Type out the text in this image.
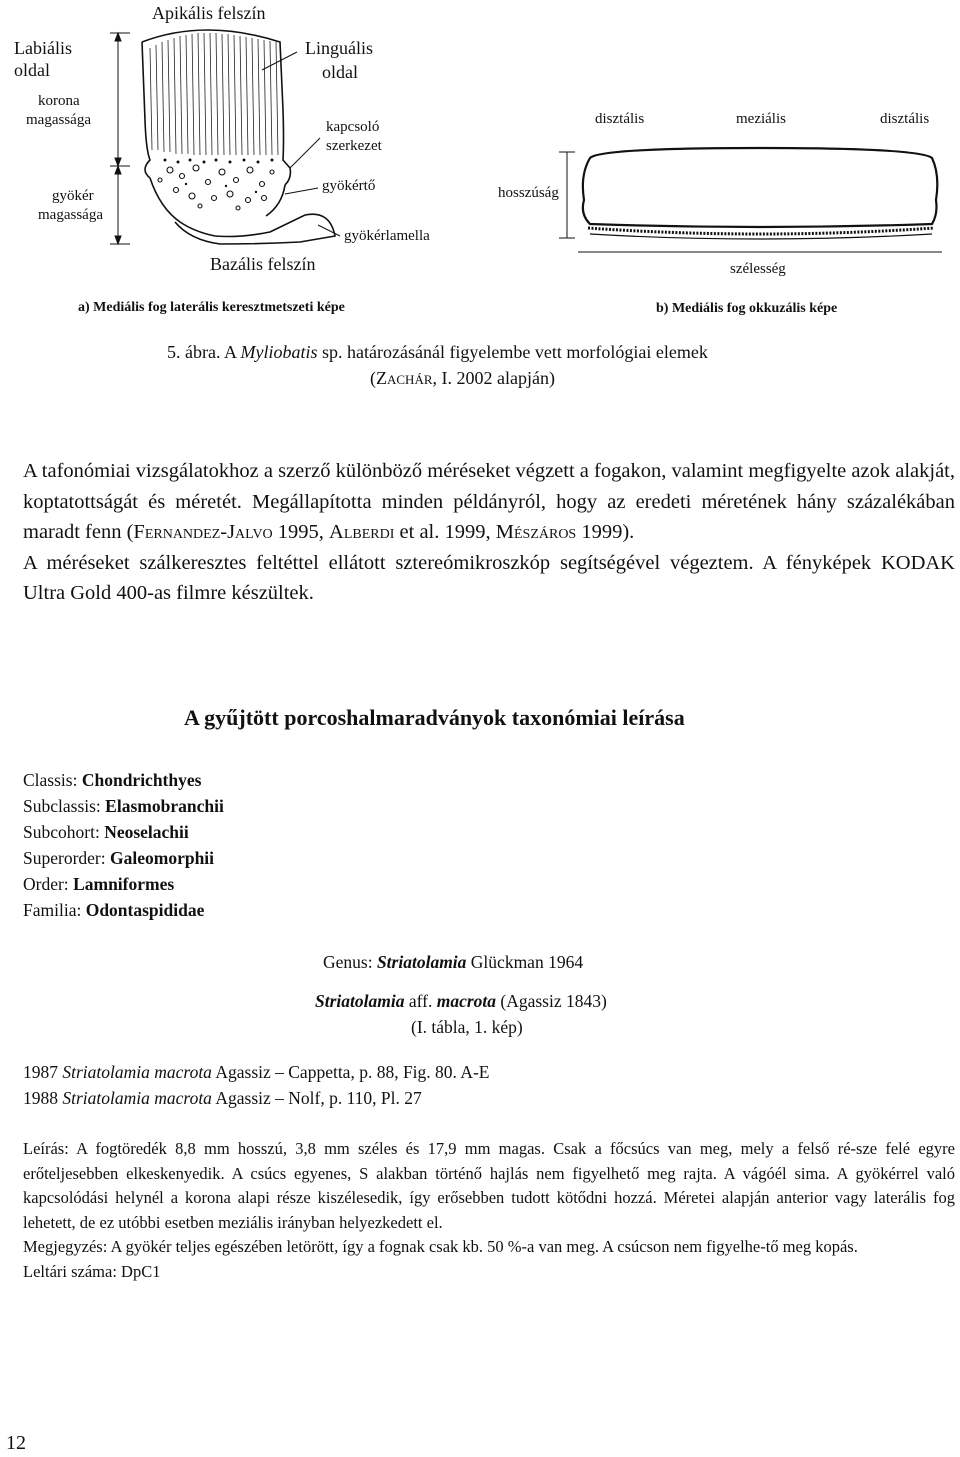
Apikális felszín
Labiális
oldal
Linguális
oldal
korona
magassága	kapcsoló
szerkezet
gyökér
magassága
gyökértő
gyökérlamella
Bazális felszín
disztális	meziális	disztális
hosszúság
szélesség
a) Mediális fog laterális keresztmetszeti képe	b) Mediális fog okkuzális képe
5. ábra. A Myliobatis sp. határozásánál figyelembe vett morfológiai elemek
(Zachár, I. 2002 alapján)

A tafonómiai vizsgálatokhoz a szerző különböző méréseket végzett a fogakon, valamint megfigyelte azok alakját, koptatottságát és méretét. Megállapította minden példányról, hogy az eredeti méretének hány százalékában maradt fenn (Fernandez-Jalvo 1995, Alberdi et al. 1999, Mészáros 1999).

A méréseket szálkeresztes feltéttel ellátott sztereómikroszkóp segítségével végeztem. A fényképek KODAK Ultra Gold 400-as filmre készültek.

A gyűjtött porcoshalmaradványok taxonómiai leírása
Classis: Chondrichthyes
Subclassis: Elasmobranchii
Subcohort: Neoselachii
Superorder: Galeomorphii
Order: Lamniformes
Familia: Odontaspididae
Genus: Striatolamia Glückman 1964
Striatolamia aff. macrota (Agassiz 1843)
(I. tábla, 1. kép)
1987 Striatolamia macrota Agassiz – Cappetta, p. 88, Fig. 80. A-E
1988 Striatolamia macrota Agassiz – Nolf, p. 110, Pl. 27

Leírás: A fogtöredék 8,8 mm hosszú, 3,8 mm széles és 17,9 mm magas. Csak a főcsúcs van meg, mely a felső ré-sze felé egyre erőteljesebben elkeskenyedik. A csúcs egyenes, S alakban történő hajlás nem figyelhető meg rajta. A vágóél sima. A gyökérrel való kapcsolódási helynél a korona alapi része kiszélesedik, így erősebben tudott kötődni hozzá. Méretei alapján anterior vagy laterális fog lehetett, de ez utóbbi esetben meziális irányban helyezkedett el.

Megjegyzés: A gyökér teljes egészében letörött, így a fognak csak kb. 50 %-a van meg. A csúcson nem figyelhe-tő meg kopás.

Leltári száma: DpC1

12
